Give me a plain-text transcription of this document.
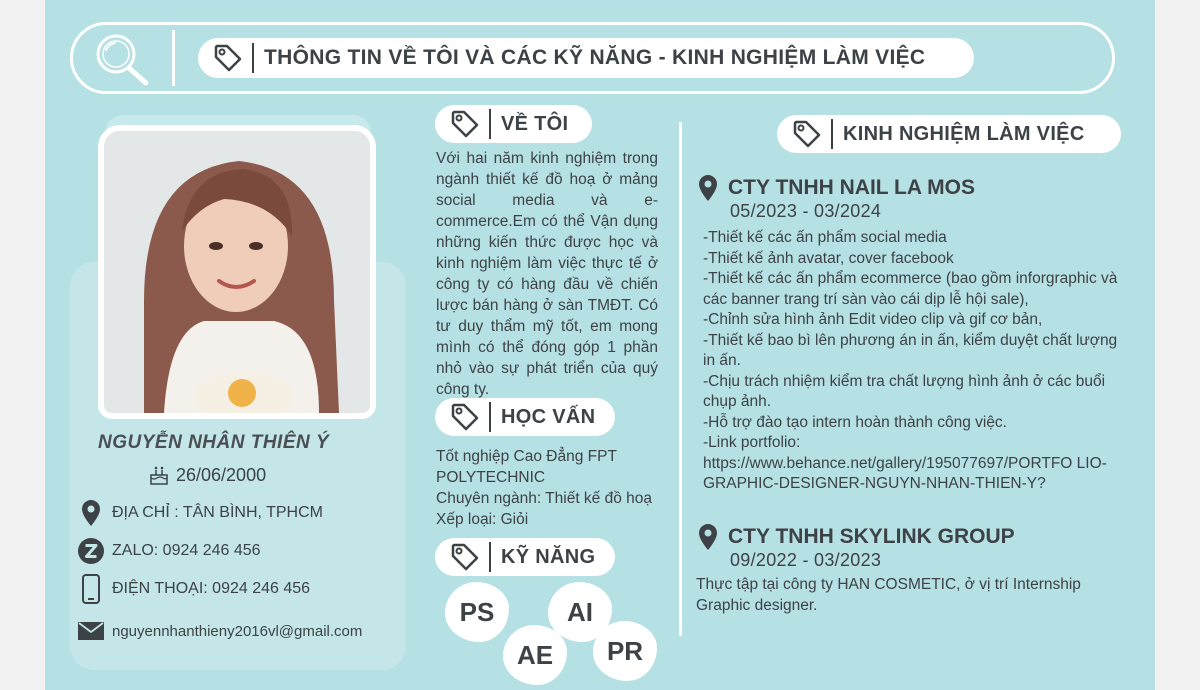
THÔNG TIN VỀ TÔI VÀ CÁC KỸ NĂNG - KINH NGHIỆM LÀM VIỆC
NGUYỄN NHÂN THIÊN Ý
26/06/2000
ĐỊA CHỈ : TÂN BÌNH, TPHCM
ZALO: 0924 246 456
ĐIỆN THOẠI: 0924 246 456
nguyennhanthieny2016vl@gmail.com
VỀ TÔI
Với hai năm kinh nghiệm trong ngành thiết kế đồ hoạ ở mảng social media và e-commerce.Em có thể Vận dụng những kiến thức được học và kinh nghiệm làm việc thực tế ở công ty có hàng đầu về chiến lược bán hàng ở sàn TMĐT. Có tư duy thẩm mỹ tốt, em mong mình có thể đóng góp 1 phần nhỏ vào sự phát triển của quý công ty.
HỌC VẤN
Tốt nghiệp Cao Đẳng FPT POLYTECHNIC
Chuyên ngành: Thiết kế đồ hoạ
Xếp loại: Giỏi
KỸ NĂNG
PS	AI
AE PR
KINH NGHIỆM LÀM VIỆC
CTY TNHH NAIL LA MOS
05/2023 - 03/2024
-Thiết kế các ấn phẩm social media
-Thiết kế ảnh avatar, cover facebook
-Thiết kế các ấn phẩm ecommerce (bao gồm inforgraphic và các banner trang trí sàn vào cái dịp lễ hội sale),
-Chỉnh sửa hình ảnh Edit video clip và gif cơ bản,
-Thiết kế bao bì lên phương án in ấn, kiểm duyệt chất lượng in ấn.
-Chịu trách nhiệm kiểm tra chất lượng hình ảnh ở các buổi chụp ảnh.
-Hỗ trợ đào tạo intern hoàn thành công việc.
-Link portfolio:
https://www.behance.net/gallery/195077697/PORTFO LIO-GRAPHIC-DESIGNER-NGUYN-NHAN-THIEN-Y?
CTY TNHH SKYLINK GROUP
09/2022 - 03/2023
Thực tập tại công ty HAN COSMETIC, ở vị trí Internship Graphic designer.
